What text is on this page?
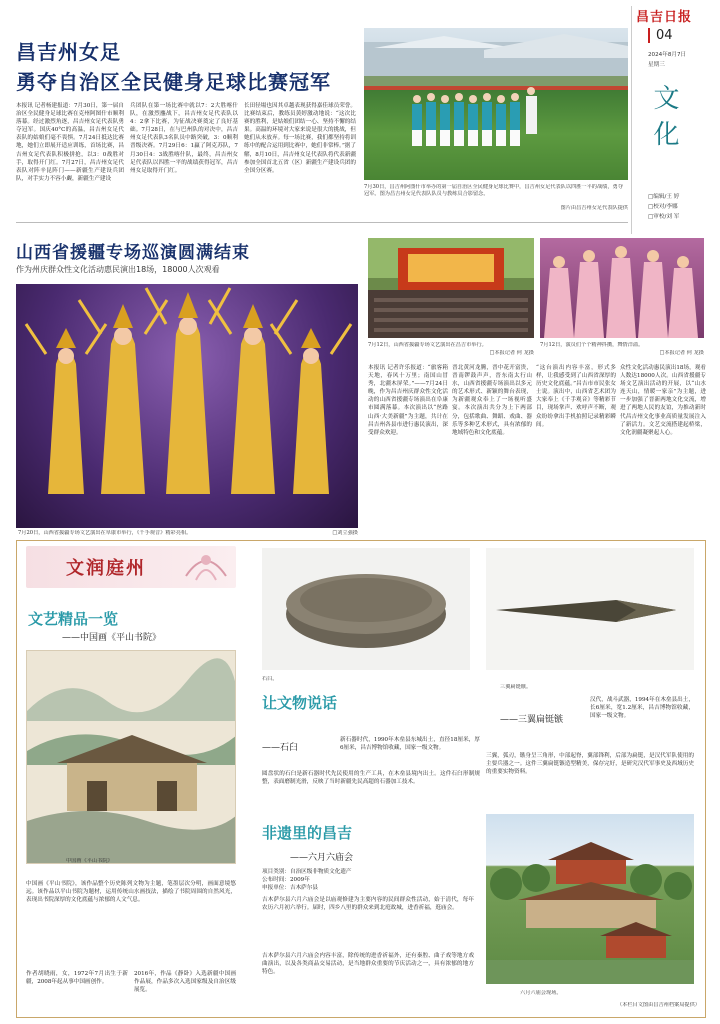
昌吉日报
04
2024年8月7日
星期三
文化
□编辑/王 婷
□校对/李娜
□审校/刘 军
昌吉州女足
勇夺自治区全民健身足球比赛冠军
本报讯 记者杨建报道：7月30日，第一届自治区全民健身足球比赛在克州阿图什市顺利落幕。经过激烈角逐，昌吉州女足代表队勇夺冠军。国庆40°C的高温，昌吉州女足代表队的姑娘们毫不畏惧。7月24日抵达比赛地，她们立即展开适应训练，首场比赛，昌吉州女足代表队积极拼抢，以3：0战胜对手，取得开门红。7月27日，昌吉州女足代表队对阵辛昆阵门——新疆生产建设兵团队，对手实力不容小觑，新疆生产建设
兵团队在第一场比赛中就以7：2大胜喀什队，在激烈鏖战下，昌吉州女足代表队以4：2拿下比赛，为征战决赛奠定了良好基础。7月28日，在与巴州队的对决中，昌吉州女足代表队3名队员中路突破，3：0顺利晋级决赛。7月29日6：1赢了阿克苏队，7月30日4：3战胜喀什队，最终，昌吉州女足代表队以四胜一平的战绩获得冠军，昌吉州女足取得开门红。
长田径場也因其卓越表现获得嘉佳球员荣誉。比赛结束后，教练员黄婷激动地说：“这次比赛的胜利，是姑娘们团结一心、坚持不懈的结果。高温的环境对大家来说是很大的挑战，但她们从未放弃。每一场比赛，我们都坚持将训练中的配合运用到比赛中，她们非常棒。”据了解，8月10日，昌吉州女足代表队将代表新疆参加全国首北五省（区）新疆生产建设兵团的全国分区赛。
7月30日，昌吉州阿图什市举办的第一届自治区全民健身足球比赛中，昌吉州女足代表队以四胜一平的战绩，勇夺冠军。图为昌吉州女足代表队队员与教练员合影留念。
图片由昌吉州女足代表队提供
山西省援疆专场巡演圆满结束
作为州庆群众性文化活动惠民演出18场，18000人次观看
7月20日，山西省援疆专场文艺演出在阜康市举行，《千手观音》精彩亮相。	□刘立强摄
7月12日，山西省援疆专场文艺演出在昌吉市举行。
□本报记者 何 龙摄
7月12日，演员们个个精神抖擞，舞情洋溢。
□本报记者 何 龙摄
本报讯 记者许乐报道：“旅客箱天地，春风十万里；南国山冒秀，北疆木屏荣。”——7月24日晚，作为昌吉州庆群众性文化活动的山西省援疆专场演出在阜康市圆满落幕。本次演出以“丝路山西·大美新疆”为主题，共计在昌吉州各县市进行惠民演出，深受群众欢迎。
晋北黄河龙腾，晋中花开富贵，晋南锣鼓声声，晋东南太行山水，山西省援疆专场演出以多元的艺术形式、新颖的舞台表现，为新疆观众奉上了一场视听盛宴。本次演出共分为上下两部分，包括歌曲、舞蹈、戏曲、器乐等多种艺术形式，具有浓郁的地域特色和文化底蕴。
“这台演出内容丰富，形式多样，让我感受到了山西省深厚的历史文化底蕴。”昌吉市市民张女士说。演出中，山西省艺术团为大家奉上《千手观音》等精彩节目，现场掌声、欢呼声不断，观众纷纷拿出手机拍照记录精彩瞬间。
众性文化活动惠民演出18场，观看人数达18000人次。山西省援疆专场文艺演出活动的开展，以“山水连天山，情暖一家亲”为主题，进一步加强了晋新两地文化交流，增进了两地人民的友谊，为推动新时代昌吉州文化事业高质量发展注入了新活力。文艺交流搭建起桥梁，文化润疆凝聚起人心。
文润庭州
文艺精品一览
——中国画《平山书院》
中国画《平山书院》
中国画《平山书院》，该作品整个历史陈列文物为主题，笔墨层次分明，画面意境悠远。该作品以平山书院为题材，运用传统山水画技法，描绘了书院周围的自然风光，表现出书院深厚的文化底蕴与浓郁的人文气息。
作者胡晓雨，女，1972年7月出生于新疆，2008年起从事中国画创作。
2016年，作品《静卧》入选新疆中国画作品展，作品多次入选国家级及自治区级展览。
石臼。
三翼扁铤镞。
让文物说话
——石臼
新石器时代，1990年木垒县东城出土，直径18厘米，厚6厘米，昌吉博物馆收藏，国家一级文物。
圆盘状的石臼是新石器时代先民使用的生产工具，在木垒县境内出土。这件石臼形制规整，表面磨制光滑，反映了当时新疆先民高超的石器加工技术。
汉代，战斗武器，1994年在木垒县出土，长6厘米，宽1.2厘米，昌吉博物馆收藏，国家一级文物。
——三翼扁铤镞
三翼，弧刃，镞身呈三角形，中部起脊，翼部锋利，后部为扁铤，是汉代军队使用的主要兵器之一。这件三翼扁铤镞造型精美，保存完好，是研究汉代军事史及西域历史的重要实物资料。
非遗里的昌吉
——六月六庙会
项目类别：自治区级非物质文化遗产
公布时间：2009年
申报单位：吉木萨尔县
吉木萨尔县六月六庙会是以庙观修建为主要内容的民间群众性活动，始于清代，每年农历六月初六举行。届时，四乡八里的群众来到北庭故城，进香祈福，逛庙会。
吉木萨尔县六月六庙会内容丰富，除传统的进香祈福外，还有秦腔、曲子戏等地方戏曲演出，以及各类商品交易活动，是当地群众重要的节庆活动之一，具有浓郁的地方特色。
六月六庙会现场。
（本栏目文图由昌吉州档案局提供）
